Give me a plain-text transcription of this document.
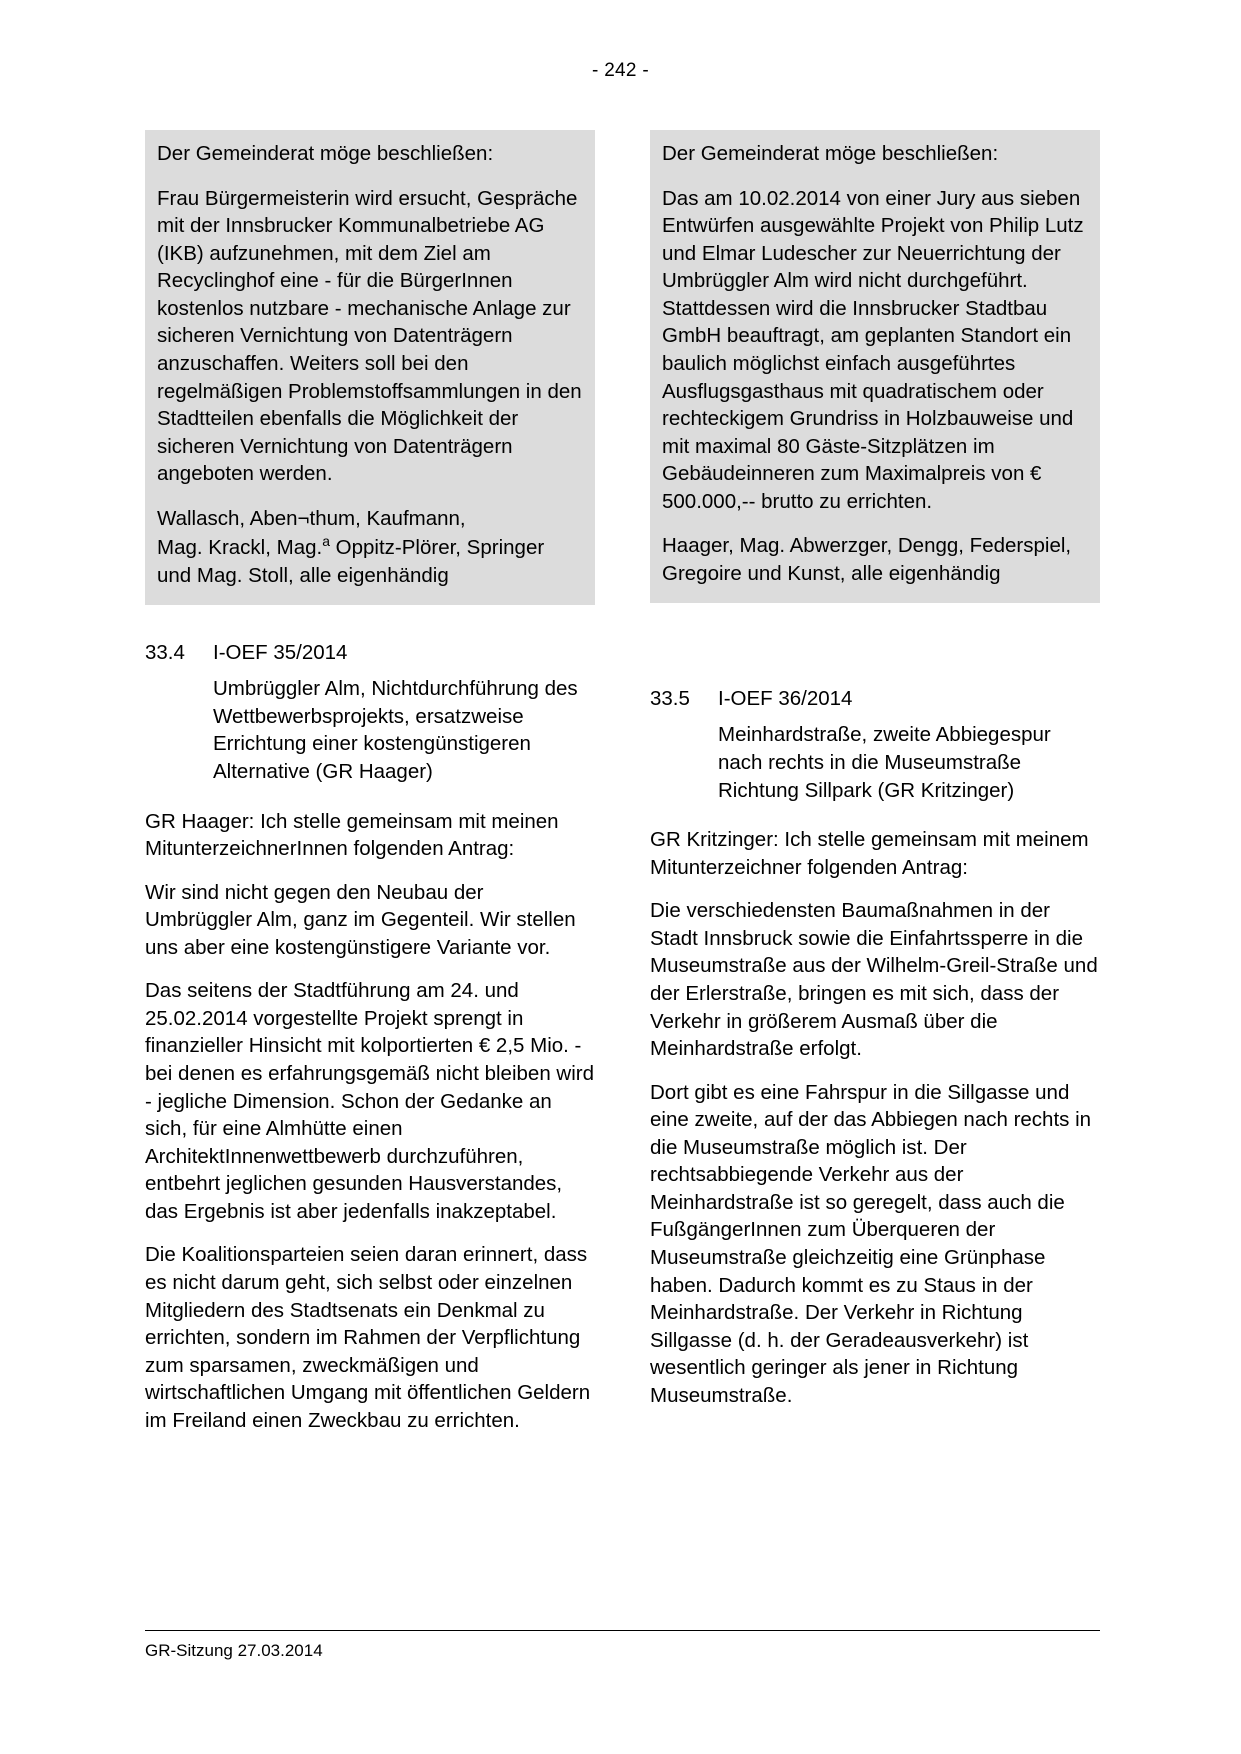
- 242 -

Der Gemeinderat möge beschließen:

Frau Bürgermeisterin wird ersucht, Gespräche mit der Innsbrucker Kommunalbetriebe AG (IKB) aufzunehmen, mit dem Ziel am Recyclinghof eine - für die BürgerInnen kostenlos nutzbare - mechanische Anlage zur sicheren Vernichtung von Datenträgern anzuschaffen. Weiters soll bei den regelmäßigen Problemstoffsammlungen in den Stadtteilen ebenfalls die Möglichkeit der sicheren Vernichtung von Datenträgern angeboten werden.

Wallasch, Aben¬thum, Kaufmann,
Mag. Krackl, Mag.$^a$ Oppitz-Plörer, Springer
und Mag. Stoll, alle eigenhändig

33.4	I-OEF 35/2014
Umbrüggler Alm, Nichtdurchführung des Wettbewerbsprojekts, ersatzweise Errichtung einer kostengünstigeren Alternative (GR Haager)

GR Haager: Ich stelle gemeinsam mit meinen MitunterzeichnerInnen folgenden Antrag:

Wir sind nicht gegen den Neubau der Umbrüggler Alm, ganz im Gegenteil. Wir stellen uns aber eine kostengünstigere Variante vor.

Das seitens der Stadtführung am 24. und 25.02.2014 vorgestellte Projekt sprengt in finanzieller Hinsicht mit kolportierten € 2,5 Mio. - bei denen es erfahrungsgemäß nicht bleiben wird - jegliche Dimension. Schon der Gedanke an sich, für eine Almhütte einen ArchitektInnenwettbewerb durchzuführen, entbehrt jeglichen gesunden Hausverstandes, das Ergebnis ist aber jedenfalls inakzeptabel.

Die Koalitionsparteien seien daran erinnert, dass es nicht darum geht, sich selbst oder einzelnen Mitgliedern des Stadtsenats ein Denkmal zu errichten, sondern im Rahmen der Verpflichtung zum sparsamen, zweckmäßigen und wirtschaftlichen Umgang mit öffentlichen Geldern im Freiland einen Zweckbau zu errichten.

Der Gemeinderat möge beschließen:

Das am 10.02.2014 von einer Jury aus sieben Entwürfen ausgewählte Projekt von Philip Lutz und Elmar Ludescher zur Neuerrichtung der Umbrüggler Alm wird nicht durchgeführt. Stattdessen wird die Innsbrucker Stadtbau GmbH beauftragt, am geplanten Standort ein baulich möglichst einfach ausgeführtes Ausflugsgasthaus mit quadratischem oder rechteckigem Grundriss in Holzbauweise und mit maximal 80 Gäste-Sitzplätzen im Gebäudeinneren zum Maximalpreis von € 500.000,-- brutto zu errichten.

Haager, Mag. Abwerzger, Dengg, Federspiel, Gregoire und Kunst, alle eigenhändig

33.5	I-OEF 36/2014
Meinhardstraße, zweite Abbiegespur nach rechts in die Museumstraße Richtung Sillpark (GR Kritzinger)

GR Kritzinger: Ich stelle gemeinsam mit meinem Mitunterzeichner folgenden Antrag:

Die verschiedensten Baumaßnahmen in der Stadt Innsbruck sowie die Einfahrtssperre in die Museumstraße aus der Wilhelm-Greil-Straße und der Erlerstraße, bringen es mit sich, dass der Verkehr in größerem Ausmaß über die Meinhardstraße erfolgt.

Dort gibt es eine Fahrspur in die Sillgasse und eine zweite, auf der das Abbiegen nach rechts in die Museumstraße möglich ist. Der rechtsabbiegende Verkehr aus der Meinhardstraße ist so geregelt, dass auch die FußgängerInnen zum Überqueren der Museumstraße gleichzeitig eine Grünphase haben. Dadurch kommt es zu Staus in der Meinhardstraße. Der Verkehr in Richtung Sillgasse (d. h. der Geradeausverkehr) ist wesentlich geringer als jener in Richtung Museumstraße.

GR-Sitzung 27.03.2014
